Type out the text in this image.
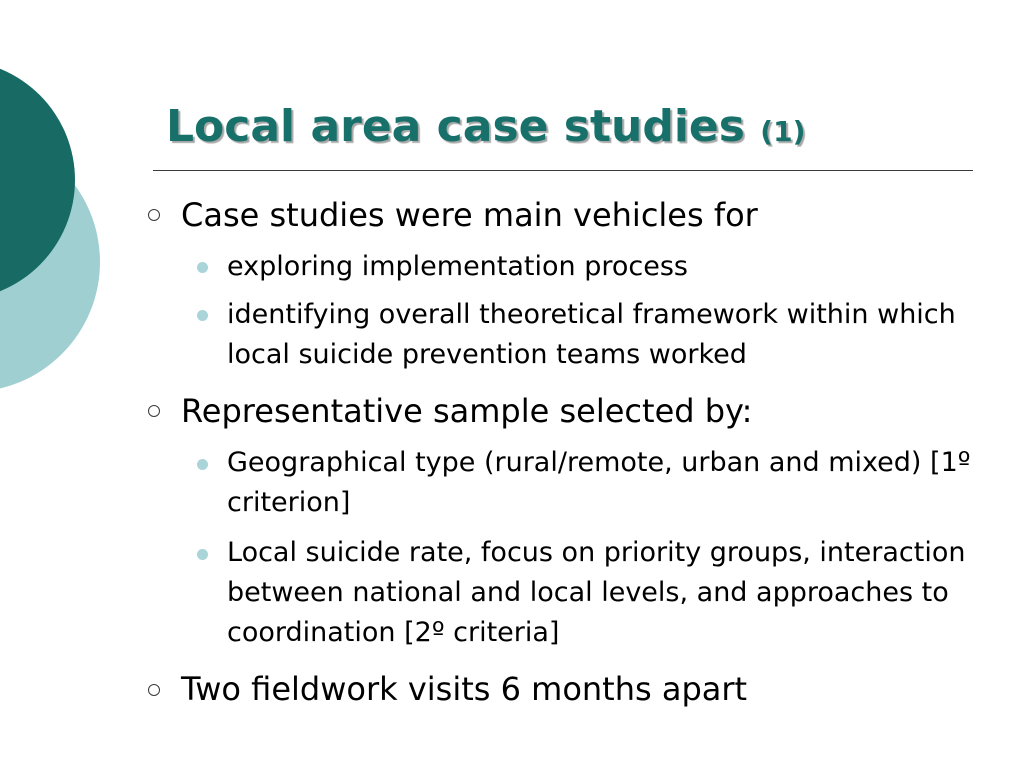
Local area case studies (1)
Case studies were main vehicles for
exploring implementation process
identifying overall theoretical framework within which local suicide prevention teams worked
Representative sample selected by:
Geographical type (rural/remote, urban and mixed) [1º criterion]
Local suicide rate, focus on priority groups, interaction between national and local levels, and approaches to coordination [2º criteria]
Two fieldwork visits 6 months apart
